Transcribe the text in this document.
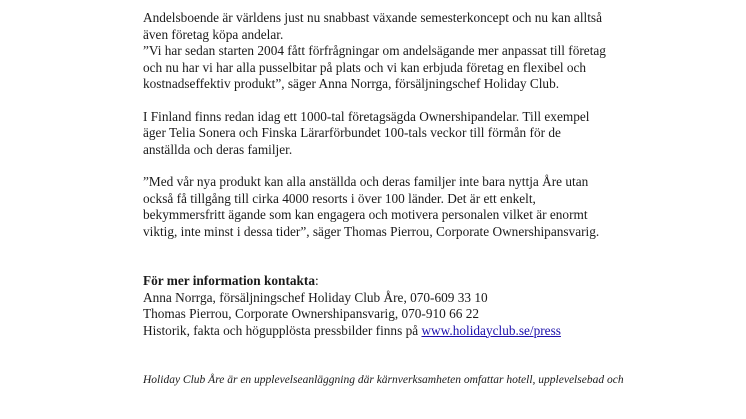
Andelsboende är världens just nu snabbast växande semesterkoncept och nu kan alltså
även företag köpa andelar.

”Vi har sedan starten 2004 fått förfrågningar om andelsägande mer anpassat till företag
och nu har vi har alla pusselbitar på plats och vi kan erbjuda företag en flexibel och
kostnadseffektiv produkt”, säger Anna Norrga, försäljningschef Holiday Club.

I Finland finns redan idag ett 1000-tal företagsägda Ownershipandelar. Till exempel
äger Telia Sonera och Finska Lärarförbundet 100-tals veckor till förmån för de
anställda och deras familjer.

”Med vår nya produkt kan alla anställda och deras familjer inte bara nyttja Åre utan
också få tillgång till cirka 4000 resorts i över 100 länder. Det är ett enkelt,
bekymmersfritt ägande som kan engagera och motivera personalen vilket är enormt
viktig, inte minst i dessa tider”, säger Thomas Pierrou, Corporate Ownershipansvarig.

För mer information kontakta:
Anna Norrga, försäljningschef Holiday Club Åre, 070-609 33 10
Thomas Pierrou, Corporate Ownershipansvarig, 070-910 66 22
Historik, fakta och högupplösta pressbilder finns på www.holidayclub.se/press

Holiday Club Åre är en upplevelseanläggning där kärnverksamheten omfattar hotell, upplevelsebad och
